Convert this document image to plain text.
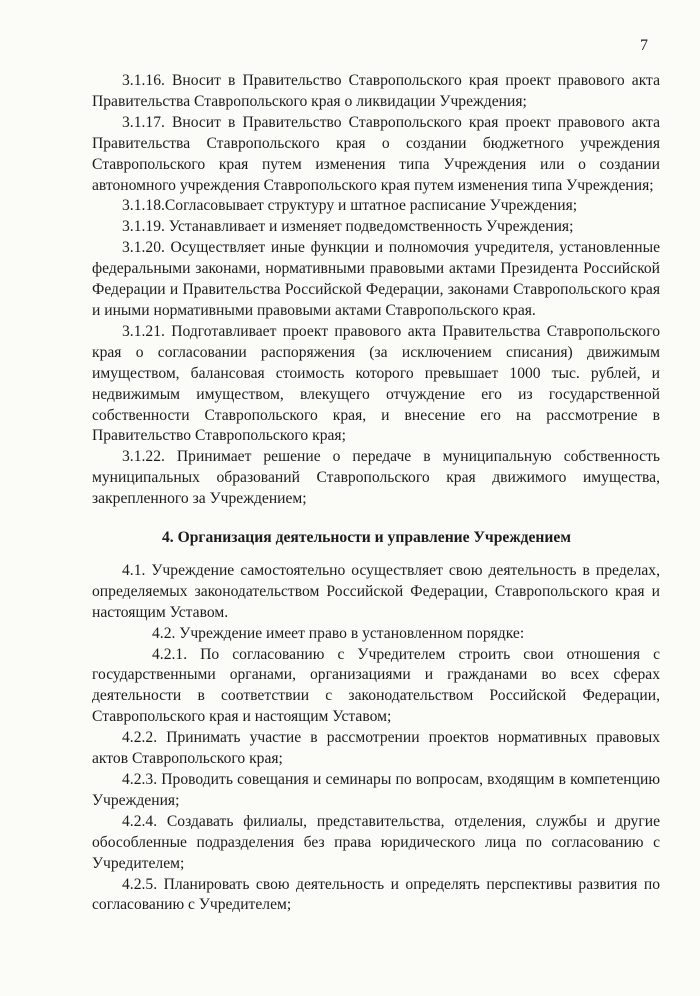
7

3.1.16. Вносит в Правительство Ставропольского края проект правового акта Правительства Ставропольского края о ликвидации Учреждения;

3.1.17. Вносит в Правительство Ставропольского края проект правового акта Правительства Ставропольского края о создании бюджетного учреждения Ставропольского края путем изменения типа Учреждения или о создании автономного учреждения Ставропольского края путем изменения типа Учреждения;

3.1.18.Согласовывает структуру и штатное расписание Учреждения;

3.1.19. Устанавливает и изменяет подведомственность Учреждения;

3.1.20. Осуществляет иные функции и полномочия учредителя, установленные федеральными законами, нормативными правовыми актами Президента Российской Федерации и Правительства Российской Федерации, законами Ставропольского края и иными нормативными правовыми актами Ставропольского края.

3.1.21. Подготавливает проект правового акта Правительства Ставропольского края о согласовании распоряжения (за исключением списания) движимым имуществом, балансовая стоимость которого превышает 1000 тыс. рублей, и недвижимым имуществом, влекущего отчуждение его из государственной собственности Ставропольского края, и внесение его на рассмотрение в Правительство Ставропольского края;

3.1.22. Принимает решение о передаче в муниципальную собственность муниципальных образований Ставропольского края движимого имущества, закрепленного за Учреждением;

4. Организация деятельности и управление Учреждением

4.1. Учреждение самостоятельно осуществляет свою деятельность в пределах, определяемых законодательством Российской Федерации, Ставропольского края и настоящим Уставом.

4.2. Учреждение имеет право в установленном порядке:

4.2.1. По согласованию с Учредителем строить свои отношения с государственными органами, организациями и гражданами во всех сферах деятельности в соответствии с законодательством Российской Федерации, Ставропольского края и настоящим Уставом;

4.2.2. Принимать участие в рассмотрении проектов нормативных правовых актов Ставропольского края;

4.2.3. Проводить совещания и семинары по вопросам, входящим в компетенцию Учреждения;

4.2.4. Создавать филиалы, представительства, отделения, службы и другие обособленные подразделения без права юридического лица по согласованию с Учредителем;

4.2.5. Планировать свою деятельность и определять перспективы развития по согласованию с Учредителем;
